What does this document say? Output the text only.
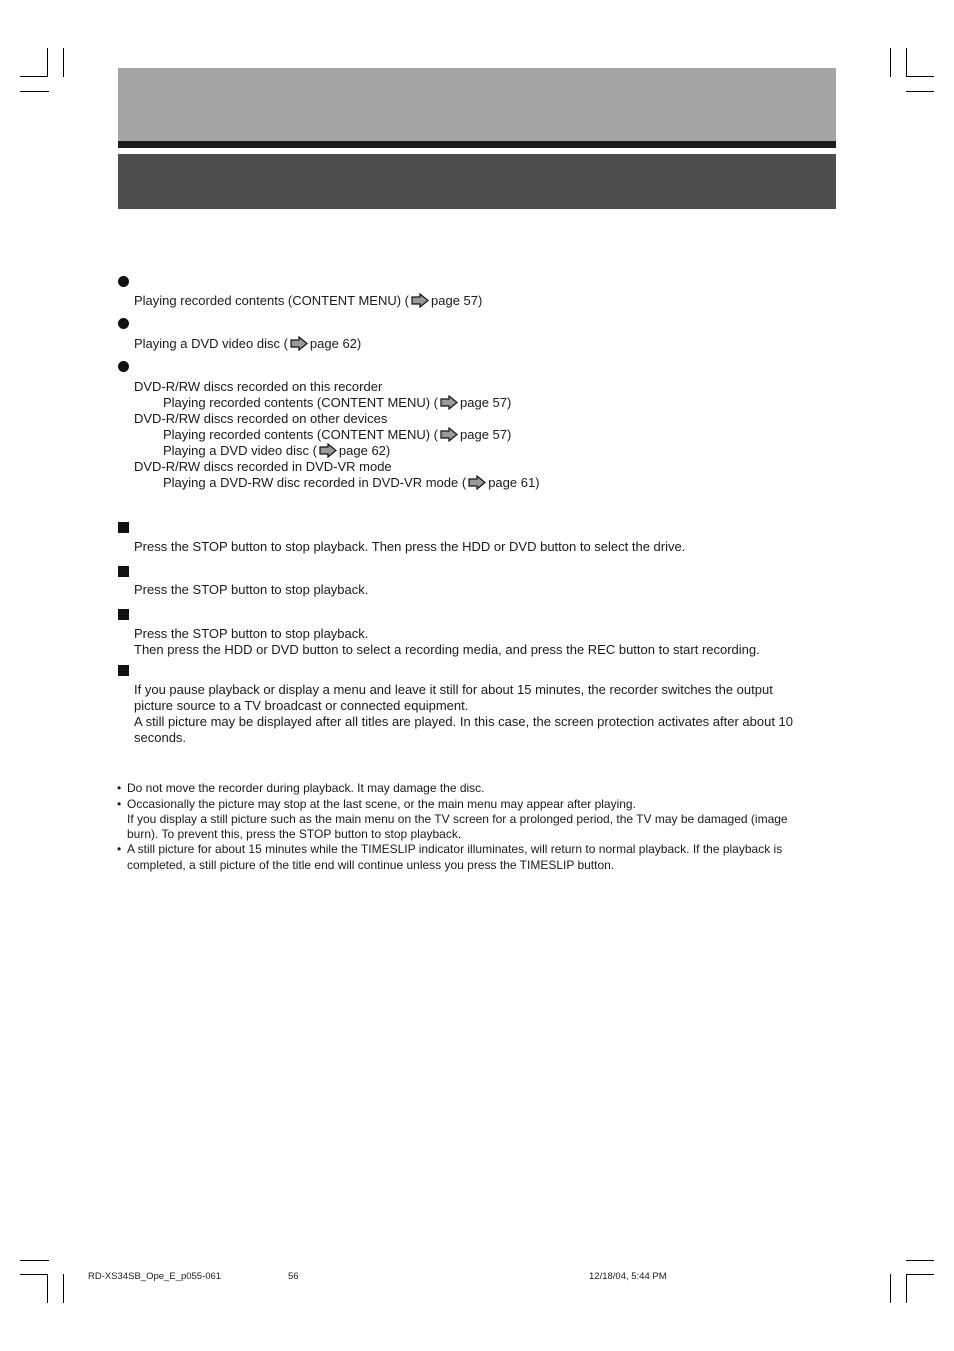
Playing recorded contents (CONTENT MENU) ( page 57)
Playing a DVD video disc ( page 62)
DVD-R/RW discs recorded on this recorder
Playing recorded contents (CONTENT MENU) ( page 57)
DVD-R/RW discs recorded on other devices
Playing recorded contents (CONTENT MENU) ( page 57)
Playing a DVD video disc ( page 62)
DVD-R/RW discs recorded in DVD-VR mode
Playing a DVD-RW disc recorded in DVD-VR mode ( page 61)
Press the STOP button to stop playback. Then press the HDD or DVD button to select the drive.
Press the STOP button to stop playback.
Press the STOP button to stop playback.
Then press the HDD or DVD button to select a recording media, and press the REC button to start recording.
If you pause playback or display a menu and leave it still for about 15 minutes, the recorder switches the output
picture source to a TV broadcast or connected equipment.
A still picture may be displayed after all titles are played. In this case, the screen protection activates after about 10
seconds.
• Do not move the recorder during playback. It may damage the disc.
• Occasionally the picture may stop at the last scene, or the main menu may appear after playing.
If you display a still picture such as the main menu on the TV screen for a prolonged period, the TV may be damaged (image
burn). To prevent this, press the STOP button to stop playback.
• A still picture for about 15 minutes while the TIMESLIP indicator illuminates, will return to normal playback. If the playback is
completed, a still picture of the title end will continue unless you press the TIMESLIP button.
RD-XS34SB_Ope_E_p055-061	56	12/18/04, 5:44 PM
